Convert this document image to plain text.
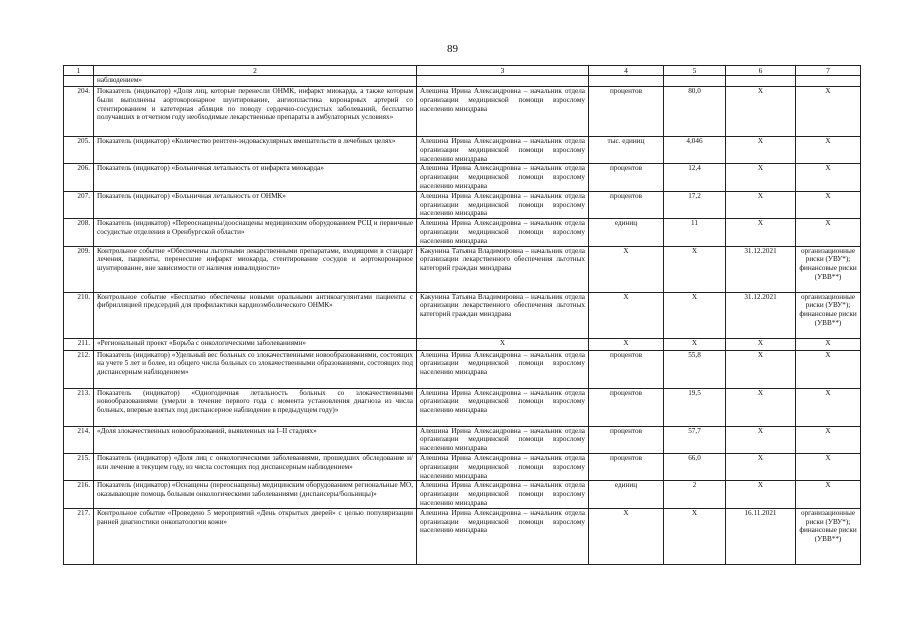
89
1	2	3	4	5	6	7
	наблюдением»					
204.	Показатель (индикатор) «Доля лиц, которые перенесли ОНМК, инфаркт миокарда, а также которым были выполнены аортокоронарное шунтирование, ангиопластика коронарных артерий со стентированием и катетерная абляция по поводу сердечно-сосудистых заболеваний, бесплатно получавших в отчетном году необходимые лекарственные препараты в амбулаторных условиях»	Алешина Ирина Александровна – начальник отдела организации медицинской помощи взрослому населению минздрава	процентов	80,0	Х	Х
205.	Показатель (индикатор) «Количество рентген-эндоваскулярных вмешательств в лечебных целях»	Алешина Ирина Александровна – начальник отдела организации медицинской помощи взрослому населению минздрава	тыс. единиц	4,046	Х	Х
206.	Показатель (индикатор) «Больничная летальность от инфаркта миокарда»	Алешина Ирина Александровна – начальник отдела организации медицинской помощи взрослому населению минздрава	процентов	12,4	Х	Х
207.	Показатель (индикатор) «Больничная летальность от ОНМК»	Алешина Ирина Александровна – начальник отдела организации медицинской помощи взрослому населению минздрава	процентов	17,2	Х	Х
208.	Показатель (индикатор) «Переоснащены/дооснащены медицинским оборудованием РСЦ и первичные сосудистые отделения в Оренбургской области»	Алешина Ирина Александровна – начальник отдела организации медицинской помощи взрослому населению минздрава	единиц	11	Х	Х
209.	Контрольное событие «Обеспечены льготными лекарственными препаратами, входящими в стандарт лечения, пациенты, перенесшие инфаркт миокарда, стентирование сосудов и аортокоронарное шунтирование, вне зависимости от наличия инвалидности»	Какунина Татьяна Владимировна – начальник отдела организации лекарственного обеспечения льготных категорий граждан минздрава	Х	Х	31.12.2021	организационные риски (УВУ*); финансовые риски (УВВ**)
210.	Контрольное событие «Бесплатно обеспечены новыми оральными антикоагулянтами пациенты с фибрилляцией предсердий для профилактики кардиоэмболического ОНМК»	Какунина Татьяна Владимировна – начальник отдела организации лекарственного обеспечения льготных категорий граждан минздрава	Х	Х	31.12.2021	организационные риски (УВУ*); финансовые риски (УВВ**)
211.	«Региональный проект «Борьба с онкологическими заболеваниями»	Х	Х	Х	Х	Х
212.	Показатель (индикатор) «Удельный вес больных со злокачественными новообразованиями, состоящих на учете 5 лет и более, из общего числа больных со злокачественными образованиями, состоящих под диспансерным наблюдением»	Алешина Ирина Александровна – начальник отдела организации медицинской помощи взрослому населению минздрава	процентов	55,8	Х	Х
213.	Показатель (индикатор) «Одногодичная летальность больных со злокачественными новообразованиями (умерли в течение первого года с момента установления диагноза из числа больных, впервые взятых под диспансерное наблюдение в предыдущем году)»	Алешина Ирина Александровна – начальник отдела организации медицинской помощи взрослому населению минздрава	процентов	19,5	Х	Х
214.	«Доля злокачественных новообразований, выявленных на I–II стадиях»	Алешина Ирина Александровна – начальник отдела организации медицинской помощи взрослому населению минздрава	процентов	57,7	Х	Х
215.	Показатель (индикатор) «Доля лиц с онкологическими заболеваниями, прошедших обследование и/или лечение в текущем году, из числа состоящих под диспансерным наблюдением»	Алешина Ирина Александровна – начальник отдела организации медицинской помощи взрослому населению минздрава	процентов	66,0	Х	Х
216.	Показатель (индикатор) «Оснащены (переоснащены) медицинским оборудованием региональные МО, оказывающие помощь больным онкологическими заболеваниями (диспансеры/больницы)»	Алешина Ирина Александровна – начальник отдела организации медицинской помощи взрослому населению минздрава	единиц	2	Х	Х
217.	Контрольное событие «Проведено 5 мероприятий «День открытых дверей» с целью популяризации ранней диагностики онкопатологии кожи»	Алешина Ирина Александровна – начальник отдела организации медицинской помощи взрослому населению минздрава	Х	Х	16.11.2021	организационные риски (УВУ*); финансовые риски (УВВ**)
